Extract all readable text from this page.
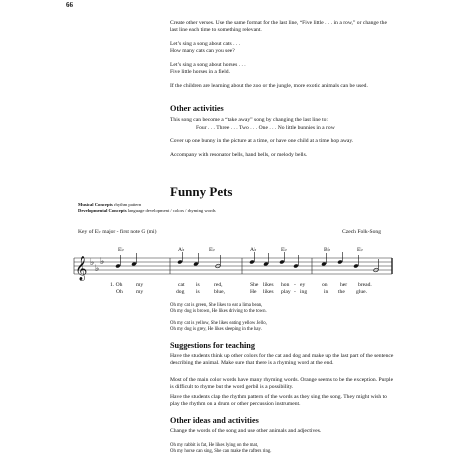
66
Create other verses. Use the same format for the last line, “Five little . . . in a row,” or change the last line each time to something relevant.
Let’s sing a song about cats . . .
How many cats can you see?
Let’s sing a song about horses . . .
Five little horses in a field.
If the children are learning about the zoo or the jungle, more exotic animals can be used.
Other activities
This song can become a “take away” song by changing the last line to:
Four . . . Three . . . Two . . . One . . . No little bunnies in a row
Cover up one bunny in the picture at a time, or have one child at a time hop away.
Accompany with resonator bells, hand bells, or melody bells.
Funny Pets
Musical Concepts rhythm pattern
Developmental Concepts language development / colors / rhyming words
Key of E♭ major - first note G (mi)	Czech Folk-Song
E♭	A♭	E♭	A♭	E♭	B♭	E♭
𝄞 ♭
♭
♭
1. Oh my	cat is	red,	She likes hon - ey	on her bread.
Oh my	dog is	blue,	He likes play - ing	in the glue.
Oh my cat is green, She likes to eat a lima bean,
Oh my dog is brown, He likes driving to the town.
Oh my cat is yellow, She likes eating yellow Jello,
Oh my dog is grey, He likes sleeping in the hay.
Suggestions for teaching
Have the students think up other colors for the cat and dog and make up the last part of the sentence describing the animal. Make sure that there is a rhyming word at the end.
Most of the main color words have many rhyming words. Orange seems to be the exception. Purple is difficult to rhyme but the word gerbil is a possibility.
Have the students clap the rhythm pattern of the words as they sing the song. They might wish to play the rhythm on a drum or other percussion instrument.
Other ideas and activities
Change the words of the song and use other animals and adjectives.
Oh my rabbit is fat, He likes lying on the mat,
Oh my horse can sing, She can make the rafters ring.
